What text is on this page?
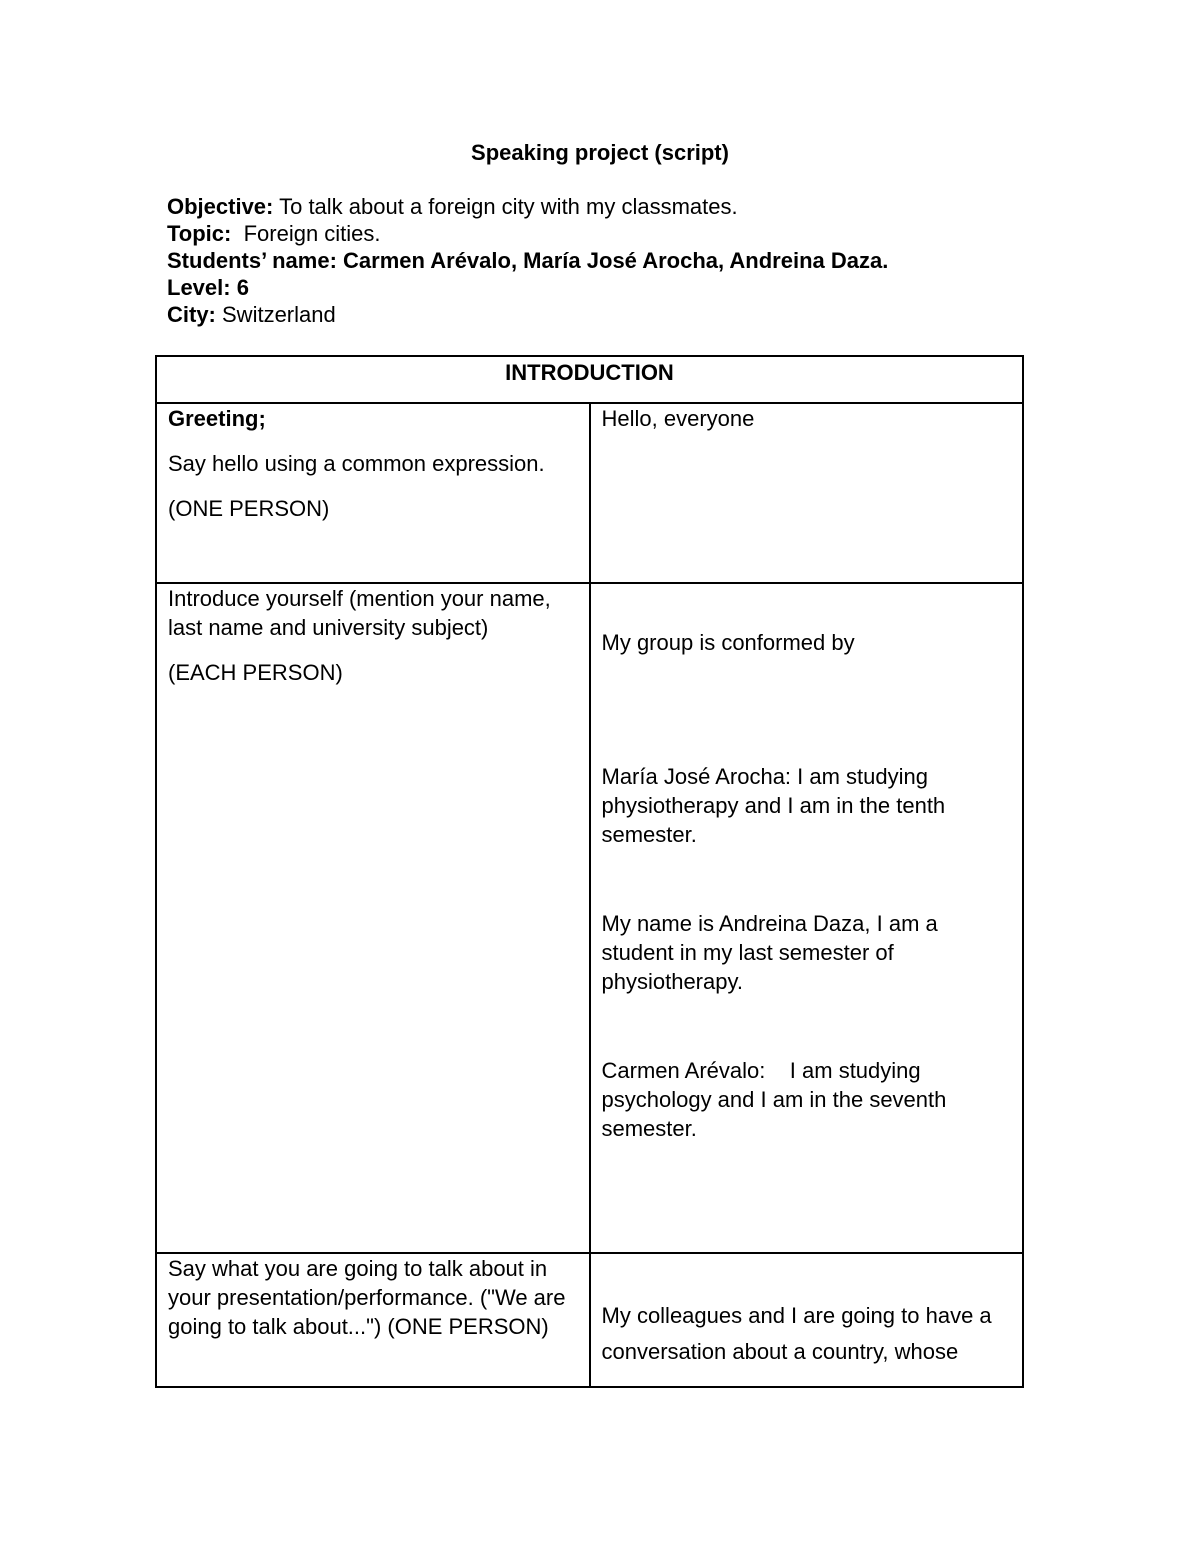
Speaking project (script)
Objective: To talk about a foreign city with my classmates.
Topic:  Foreign cities.
Students’ name: Carmen Arévalo, María José Arocha, Andreina Daza.
Level: 6
City: Switzerland
INTRODUCTION	

Greeting;
Say hello using a common expression.
(ONE PERSON)	Hello, everyone

Introduce yourself (mention your name, last name and university subject)
(EACH PERSON)	My group is conformed by
María José Arocha: I am studying physiotherapy and I am in the tenth semester.
My name is Andreina Daza, I am a student in my last semester of physiotherapy.
Carmen Arévalo:    I am studying psychology and I am in the seventh semester.

Say what you are going to talk about in your presentation/performance. ("We are going to talk about...") (ONE PERSON)	My colleagues and I are going to have a conversation about a country, whose
